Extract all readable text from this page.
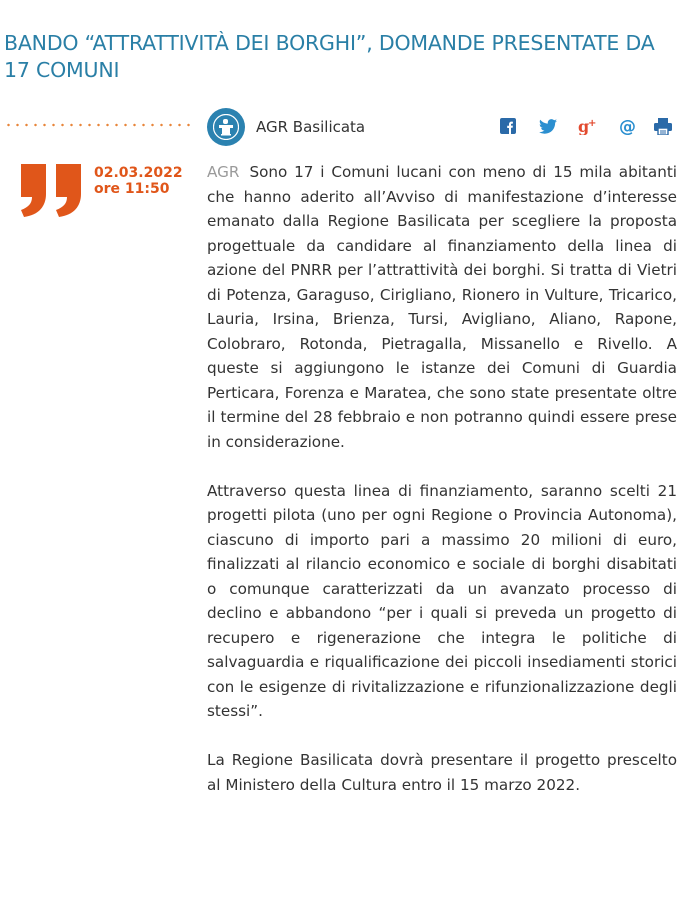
BANDO “ATTRATTIVITÀ DEI BORGHI”, DOMANDE PRESENTATE DA 17 COMUNI
AGR Basilicata	g
+ @
02.03.2022
ore 11:50

AGR Sono 17 i Comuni lucani con meno di 15 mila abitanti che hanno aderito all’Avviso di manifestazione d’interesse emanato dalla Regione Basilicata per scegliere la proposta progettuale da candidare al finanziamento della linea di azione del PNRR per l’attrattività dei borghi. Si tratta di Vietri di Potenza, Garaguso, Cirigliano, Rionero in Vulture, Tricarico, Lauria, Irsina, Brienza, Tursi, Avigliano, Aliano, Rapone, Colobraro, Rotonda, Pietragalla, Missanello e Rivello. A queste si aggiungono le istanze dei Comuni di Guardia Perticara, Forenza e Maratea, che sono state presentate oltre il termine del 28 febbraio e non potranno quindi essere prese in considerazione.

Attraverso questa linea di finanziamento, saranno scelti 21 progetti pilota (uno per ogni Regione o Provincia Autonoma), ciascuno di importo pari a massimo 20 milioni di euro, finalizzati al rilancio economico e sociale di borghi disabitati o comunque caratterizzati da un avanzato processo di declino e abbandono “per i quali si preveda un progetto di recupero e rigenerazione che integra le politiche di salvaguardia e riqualificazione dei piccoli insediamenti storici con le esigenze di rivitalizzazione e rifunzionalizzazione degli stessi”.

La Regione Basilicata dovrà presentare il progetto prescelto al Ministero della Cultura entro il 15 marzo 2022.
